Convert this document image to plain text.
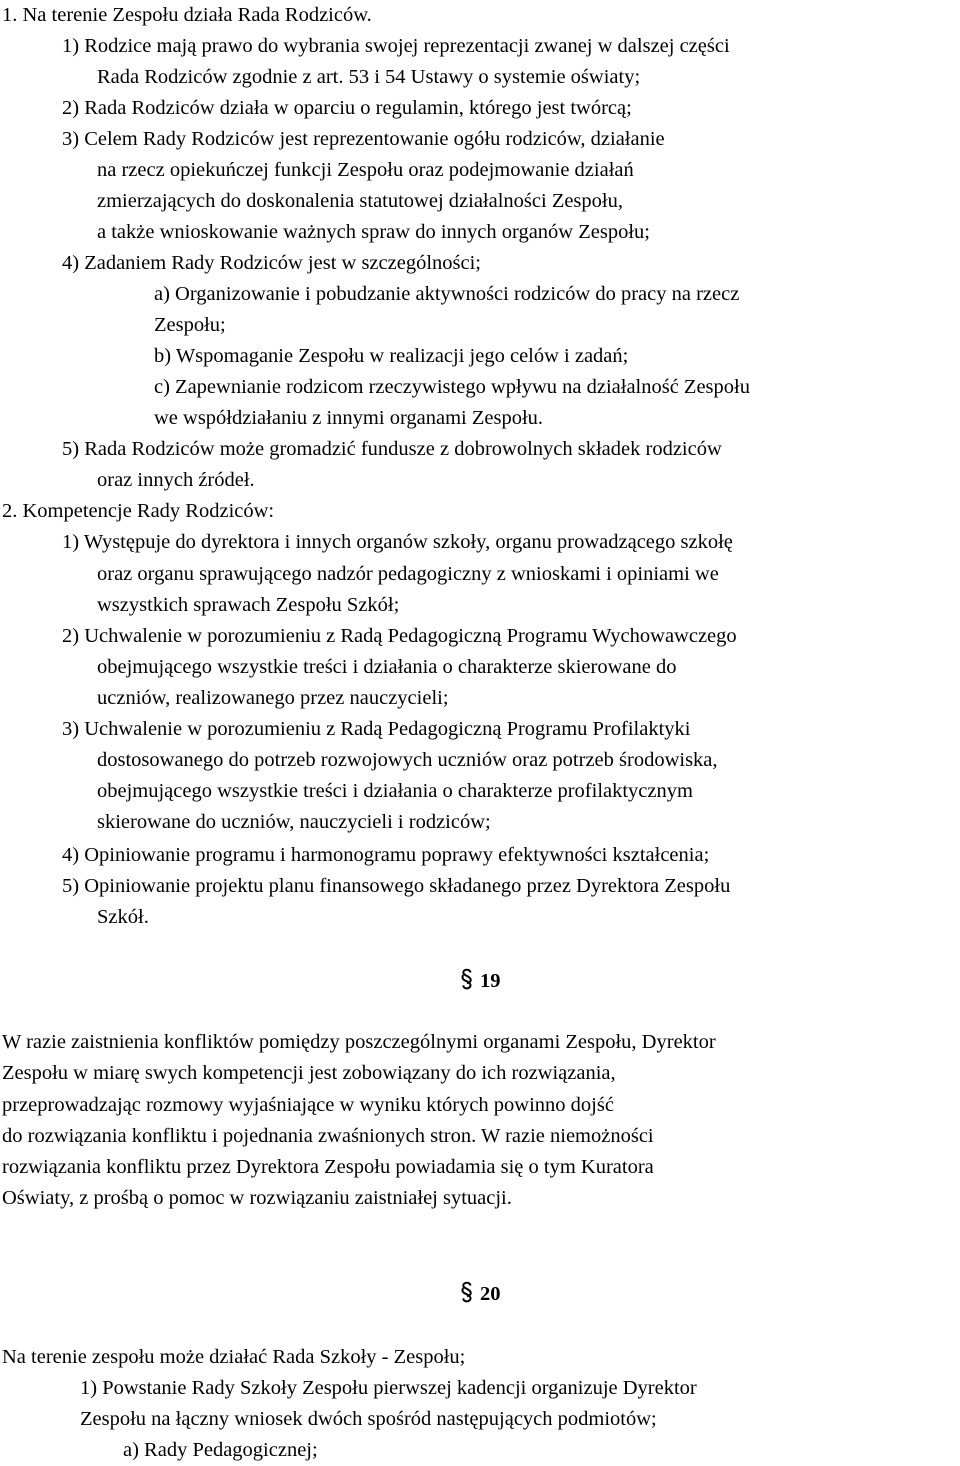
1. Na terenie Zespołu działa Rada Rodziców.
1) Rodzice mają prawo do wybrania swojej reprezentacji zwanej w dalszej części
Rada Rodziców zgodnie z art. 53 i 54 Ustawy o systemie oświaty;
2) Rada Rodziców działa w oparciu o regulamin, którego jest twórcą;
3) Celem Rady Rodziców jest reprezentowanie ogółu rodziców, działanie
na rzecz opiekuńczej funkcji Zespołu oraz podejmowanie działań
zmierzających do doskonalenia statutowej działalności Zespołu,
a także wnioskowanie ważnych spraw do innych organów Zespołu;
4) Zadaniem Rady Rodziców jest w szczególności;
a) Organizowanie i pobudzanie aktywności rodziców do pracy na rzecz
Zespołu;
b) Wspomaganie Zespołu w realizacji jego celów i zadań;
c) Zapewnianie rodzicom rzeczywistego wpływu na działalność Zespołu
we współdziałaniu z innymi organami Zespołu.
5) Rada Rodziców może gromadzić fundusze z dobrowolnych składek rodziców
oraz innych źródeł.
2. Kompetencje Rady Rodziców:
1) Występuje do dyrektora i innych organów szkoły, organu prowadzącego szkołę
oraz organu sprawującego nadzór pedagogiczny z wnioskami i opiniami we
wszystkich sprawach Zespołu Szkół;
2) Uchwalenie w porozumieniu z Radą Pedagogiczną Programu Wychowawczego
obejmującego wszystkie treści i działania o charakterze skierowane do
uczniów, realizowanego przez nauczycieli;
3) Uchwalenie w porozumieniu z Radą Pedagogiczną Programu Profilaktyki
dostosowanego do potrzeb rozwojowych uczniów oraz potrzeb środowiska,
obejmującego wszystkie treści i działania o charakterze profilaktycznym
skierowane do uczniów, nauczycieli i rodziców;
4) Opiniowanie programu i harmonogramu poprawy efektywności kształcenia;
5) Opiniowanie projektu planu finansowego składanego przez Dyrektora Zespołu
Szkół.
19
W razie zaistnienia konfliktów pomiędzy poszczególnymi organami Zespołu, Dyrektor
Zespołu w miarę swych kompetencji jest zobowiązany do ich rozwiązania,
przeprowadzając rozmowy wyjaśniające w wyniku których powinno dojść
do rozwiązania konfliktu i pojednania zwaśnionych stron. W razie niemożności
rozwiązania konfliktu przez Dyrektora Zespołu powiadamia się o tym Kuratora
Oświaty, z prośbą o pomoc w rozwiązaniu zaistniałej sytuacji.
20
Na terenie zespołu może działać Rada Szkoły - Zespołu;
1) Powstanie Rady Szkoły Zespołu pierwszej kadencji organizuje Dyrektor
Zespołu na łączny wniosek dwóch spośród następujących podmiotów;
a) Rady Pedagogicznej;
